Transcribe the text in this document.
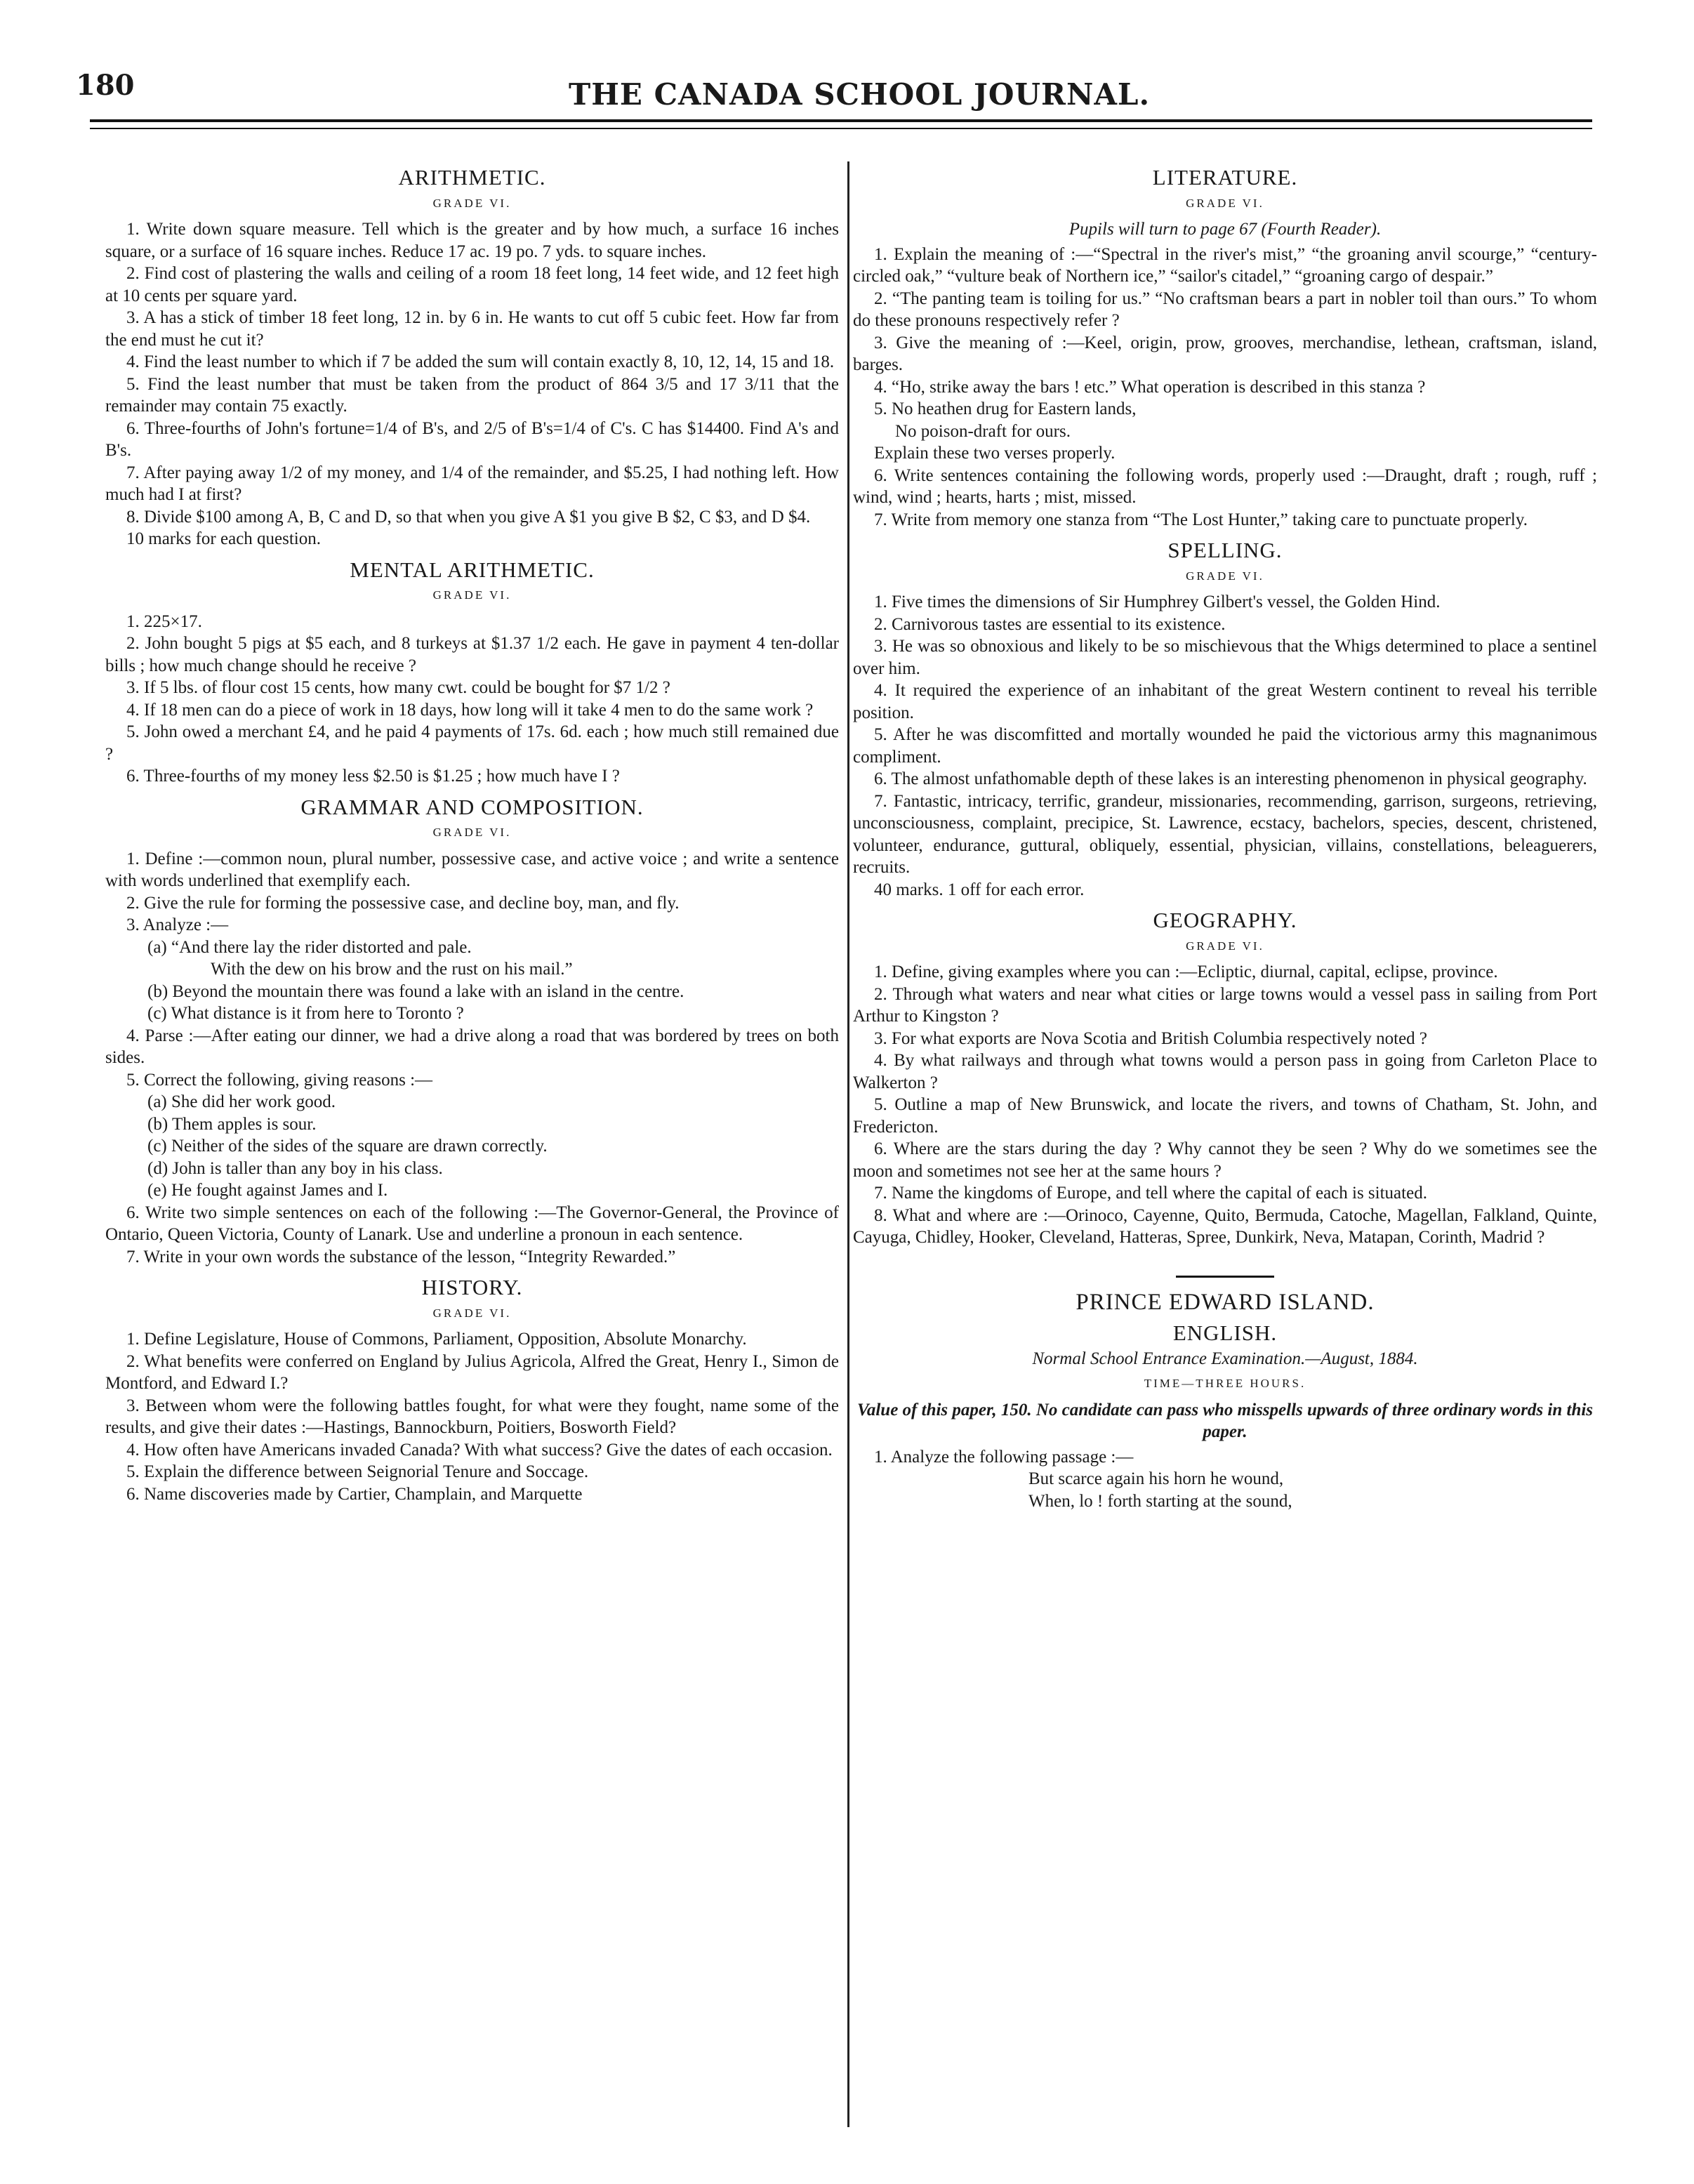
180	THE CANADA SCHOOL JOURNAL.
ARITHMETIC.
GRADE VI.

1. Write down square measure. Tell which is the greater and by how much, a surface 16 inches square, or a surface of 16 square inches. Reduce 17 ac. 19 po. 7 yds. to square inches.

2. Find cost of plastering the walls and ceiling of a room 18 feet long, 14 feet wide, and 12 feet high at 10 cents per square yard.

3. A has a stick of timber 18 feet long, 12 in. by 6 in. He wants to cut off 5 cubic feet. How far from the end must he cut it?

4. Find the least number to which if 7 be added the sum will contain exactly 8, 10, 12, 14, 15 and 18.

5. Find the least number that must be taken from the product of 864 3/5 and 17 3/11 that the remainder may contain 75 exactly.

6. Three-fourths of John's fortune=1/4 of B's, and 2/5 of B's=1/4 of C's. C has $14400. Find A's and B's.

7. After paying away 1/2 of my money, and 1/4 of the remainder, and $5.25, I had nothing left. How much had I at first?

8. Divide $100 among A, B, C and D, so that when you give A $1 you give B $2, C $3, and D $4.

10 marks for each question.

MENTAL ARITHMETIC.
GRADE VI.

1. 225×17.

2. John bought 5 pigs at $5 each, and 8 turkeys at $1.37 1/2 each. He gave in payment 4 ten-dollar bills ; how much change should he receive ?

3. If 5 lbs. of flour cost 15 cents, how many cwt. could be bought for $7 1/2 ?

4. If 18 men can do a piece of work in 18 days, how long will it take 4 men to do the same work ?

5. John owed a merchant £4, and he paid 4 payments of 17s. 6d. each ; how much still remained due ?

6. Three-fourths of my money less $2.50 is $1.25 ; how much have I ?

GRAMMAR AND COMPOSITION.
GRADE VI.

1. Define :—common noun, plural number, possessive case, and active voice ; and write a sentence with words underlined that exemplify each.

2. Give the rule for forming the possessive case, and decline boy, man, and fly.

3. Analyze :—

(a) “And there lay the rider distorted and pale.

With the dew on his brow and the rust on his mail.”

(b) Beyond the mountain there was found a lake with an island in the centre.

(c) What distance is it from here to Toronto ?

4. Parse :—After eating our dinner, we had a drive along a road that was bordered by trees on both sides.

5. Correct the following, giving reasons :—

(a) She did her work good.

(b) Them apples is sour.

(c) Neither of the sides of the square are drawn correctly.

(d) John is taller than any boy in his class.

(e) He fought against James and I.

6. Write two simple sentences on each of the following :—The Governor-General, the Province of Ontario, Queen Victoria, County of Lanark. Use and underline a pronoun in each sentence.

7. Write in your own words the substance of the lesson, “Integrity Rewarded.”

HISTORY.
GRADE VI.

1. Define Legislature, House of Commons, Parliament, Opposition, Absolute Monarchy.

2. What benefits were conferred on England by Julius Agricola, Alfred the Great, Henry I., Simon de Montford, and Edward I.?

3. Between whom were the following battles fought, for what were they fought, name some of the results, and give their dates :—Hastings, Bannockburn, Poitiers, Bosworth Field?

4. How often have Americans invaded Canada? With what success? Give the dates of each occasion.

5. Explain the difference between Seignorial Tenure and Soccage.

6. Name discoveries made by Cartier, Champlain, and Marquette

LITERATURE.
GRADE VI.

Pupils will turn to page 67 (Fourth Reader).

1. Explain the meaning of :—“Spectral in the river's mist,” “the groaning anvil scourge,” “century-circled oak,” “vulture beak of Northern ice,” “sailor's citadel,” “groaning cargo of despair.”

2. “The panting team is toiling for us.” “No craftsman bears a part in nobler toil than ours.” To whom do these pronouns respectively refer ?

3. Give the meaning of :—Keel, origin, prow, grooves, merchandise, lethean, craftsman, island, barges.

4. “Ho, strike away the bars ! etc.” What operation is described in this stanza ?

5. No heathen drug for Eastern lands,

No poison-draft for ours.

Explain these two verses properly.

6. Write sentences containing the following words, properly used :—Draught, draft ; rough, ruff ; wind, wind ; hearts, harts ; mist, missed.

7. Write from memory one stanza from “The Lost Hunter,” taking care to punctuate properly.

SPELLING.
GRADE VI.

1. Five times the dimensions of Sir Humphrey Gilbert's vessel, the Golden Hind.

2. Carnivorous tastes are essential to its existence.

3. He was so obnoxious and likely to be so mischievous that the Whigs determined to place a sentinel over him.

4. It required the experience of an inhabitant of the great Western continent to reveal his terrible position.

5. After he was discomfitted and mortally wounded he paid the victorious army this magnanimous compliment.

6. The almost unfathomable depth of these lakes is an interesting phenomenon in physical geography.

7. Fantastic, intricacy, terrific, grandeur, missionaries, recommending, garrison, surgeons, retrieving, unconsciousness, complaint, precipice, St. Lawrence, ecstacy, bachelors, species, descent, christened, volunteer, endurance, guttural, obliquely, essential, physician, villains, constellations, beleaguerers, recruits.

40 marks. 1 off for each error.

GEOGRAPHY.
GRADE VI.

1. Define, giving examples where you can :—Ecliptic, diurnal, capital, eclipse, province.

2. Through what waters and near what cities or large towns would a vessel pass in sailing from Port Arthur to Kingston ?

3. For what exports are Nova Scotia and British Columbia respectively noted ?

4. By what railways and through what towns would a person pass in going from Carleton Place to Walkerton ?

5. Outline a map of New Brunswick, and locate the rivers, and towns of Chatham, St. John, and Fredericton.

6. Where are the stars during the day ? Why cannot they be seen ? Why do we sometimes see the moon and sometimes not see her at the same hours ?

7. Name the kingdoms of Europe, and tell where the capital of each is situated.

8. What and where are :—Orinoco, Cayenne, Quito, Bermuda, Catoche, Magellan, Falkland, Quinte, Cayuga, Chidley, Hooker, Cleveland, Hatteras, Spree, Dunkirk, Neva, Matapan, Corinth, Madrid ?

PRINCE EDWARD ISLAND.
ENGLISH.

Normal School Entrance Examination.—August, 1884.

TIME—THREE HOURS.

Value of this paper, 150. No candidate can pass who misspells upwards of three ordinary words in this paper.

1. Analyze the following passage :—

But scarce again his horn he wound,

When, lo ! forth starting at the sound,
